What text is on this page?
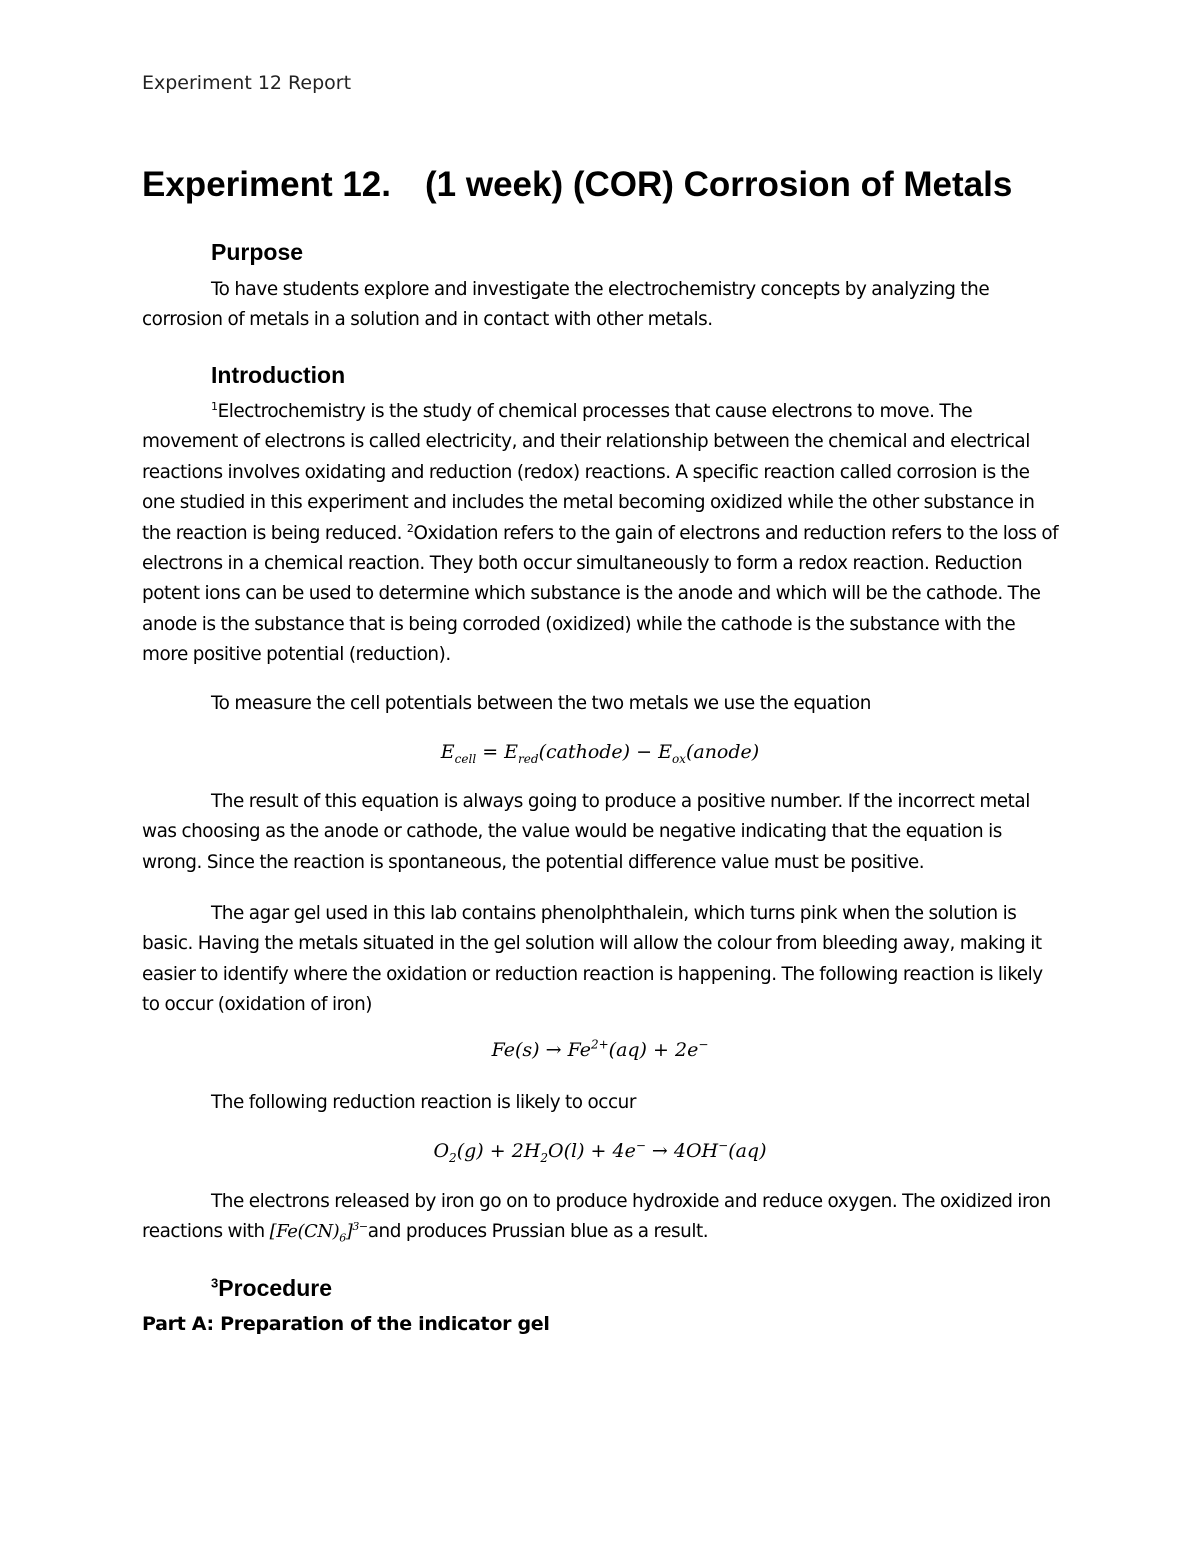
Experiment 12 Report
Experiment 12. (1 week) (COR) Corrosion of Metals
Purpose
To have students explore and investigate the electrochemistry concepts by analyzing the corrosion of metals in a solution and in contact with other metals.
Introduction
$^1$Electrochemistry is the study of chemical processes that cause electrons to move. The movement of electrons is called electricity, and their relationship between the chemical and electrical reactions involves oxidating and reduction (redox) reactions. A specific reaction called corrosion is the one studied in this experiment and includes the metal becoming oxidized while the other substance in the reaction is being reduced. $^2$Oxidation refers to the gain of electrons and reduction refers to the loss of electrons in a chemical reaction. They both occur simultaneously to form a redox reaction. Reduction potent ions can be used to determine which substance is the anode and which will be the cathode. The anode is the substance that is being corroded (oxidized) while the cathode is the substance with the more positive potential (reduction).
To measure the cell potentials between the two metals we use the equation
$E_{cell}$ = $E_{red}(cathode)$ − $E_{ox}(anode)$
The result of this equation is always going to produce a positive number. If the incorrect metal was choosing as the anode or cathode, the value would be negative indicating that the equation is wrong. Since the reaction is spontaneous, the potential difference value must be positive.
The agar gel used in this lab contains phenolphthalein, which turns pink when the solution is basic. Having the metals situated in the gel solution will allow the colour from bleeding away, making it easier to identify where the oxidation or reduction reaction is happening. The following reaction is likely to occur (oxidation of iron)
$Fe(s) \to Fe^{2+}(aq) + 2e^-$
The following reduction reaction is likely to occur
$O_2(g) + 2H_2O(l) + 4e^- \to 4OH^-(aq)$
The electrons released by iron go on to produce hydroxide and reduce oxygen. The oxidized iron reactions with $[Fe(CN)_6]^{3-}and$ produces Prussian blue as a result.
$^3$Procedure
Part A: Preparation of the indicator gel
